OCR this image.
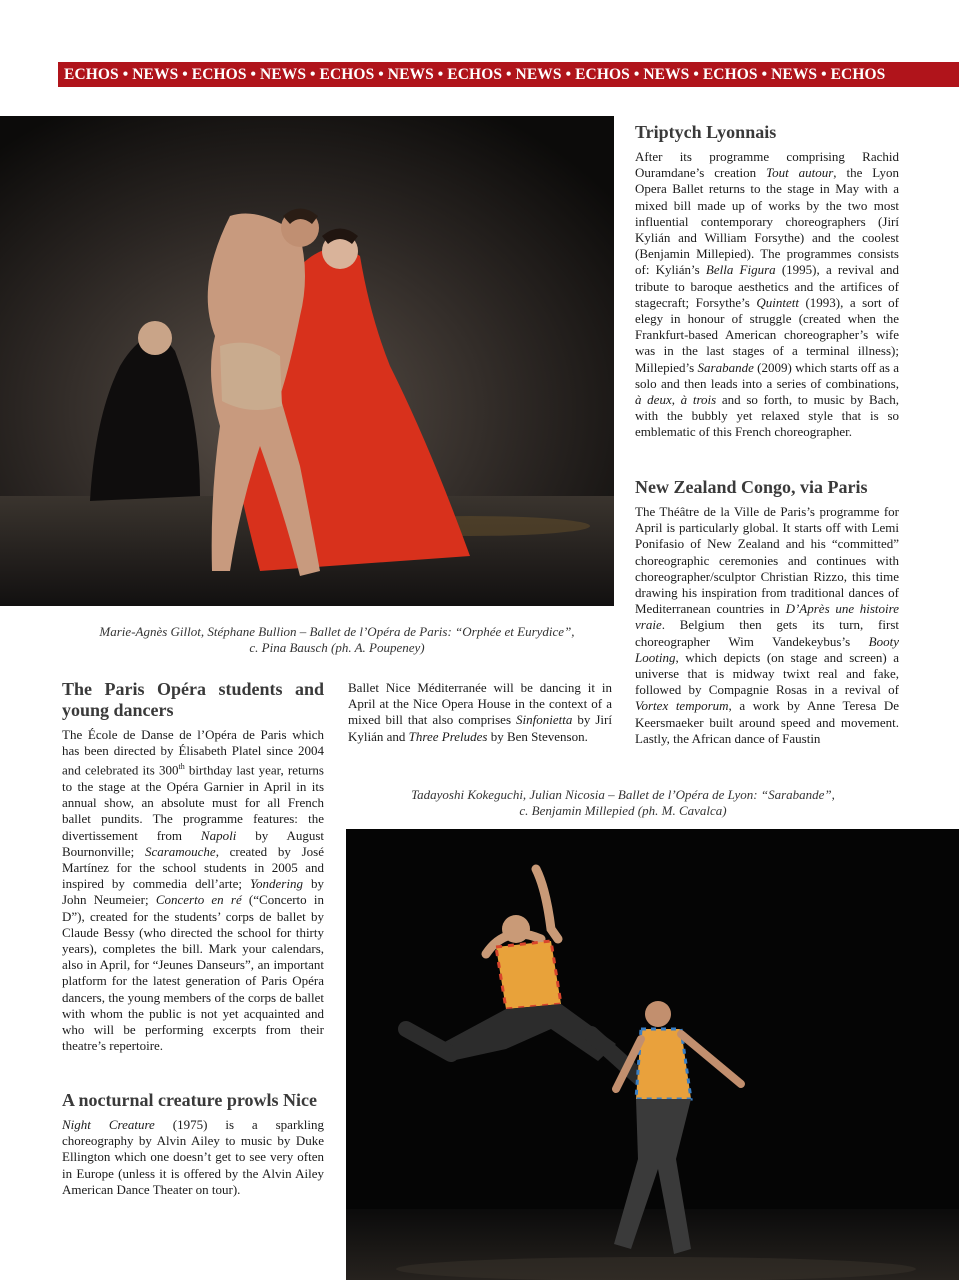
ECHOS • NEWS • ECHOS • NEWS • ECHOS • NEWS • ECHOS • NEWS • ECHOS • NEWS • ECHOS • NEWS • ECHOS
Marie-Agnès Gillot, Stéphane Bullion – Ballet de l’Opéra de Paris: “Orphée et Eurydice”,
c. Pina Bausch (ph. A. Poupeney)
Triptych Lyonnais

After its programme comprising Rachid Ouramdane’s creation Tout autour, the Lyon Opera Ballet returns to the stage in May with a mixed bill made up of works by the two most influential contemporary choreographers (Jirí Kylián and William Forsythe) and the coolest (Benjamin Millepied). The programmes consists of: Kylián’s Bella Figura (1995), a revival and tribute to baroque aesthetics and the artifices of stagecraft; Forsythe’s Quintett (1993), a sort of elegy in honour of struggle (created when the Frankfurt-based American choreographer’s wife was in the last stages of a terminal illness); Millepied’s Sarabande (2009) which starts off as a solo and then leads into a series of combinations, à deux, à trois and so forth, to music by Bach, with the bubbly yet relaxed style that is so emblematic of this French choreographer.

New Zealand Congo, via Paris

The Théâtre de la Ville de Paris’s programme for April is particularly global. It starts off with Lemi Ponifasio of New Zealand and his “committed” choreographic ceremonies and continues with choreographer/sculptor Christian Rizzo, this time drawing his inspiration from traditional dances of Mediterranean countries in D’Après une histoire vraie. Belgium then gets its turn, first choreographer Wim Vandekeybus’s Booty Looting, which depicts (on stage and screen) a universe that is midway twixt real and fake, followed by Compagnie Rosas in a revival of Vortex temporum, a work by Anne Teresa De Keersmaeker built around speed and movement. Lastly, the African dance of Faustin

The Paris Opéra students and young dancers

The École de Danse de l’Opéra de Paris which has been directed by Élisabeth Platel since 2004 and celebrated its 300th birthday last year, returns to the stage at the Opéra Garnier in April in its annual show, an absolute must for all French ballet pundits. The programme features: the divertissement from Napoli by August Bournonville; Scaramouche, created by José Martínez for the school students in 2005 and inspired by commedia dell’arte; Yondering by John Neumeier; Concerto en ré (“Concerto in D”), created for the students’ corps de ballet by Claude Bessy (who directed the school for thirty years), completes the bill. Mark your calendars, also in April, for “Jeunes Danseurs”, an important platform for the latest generation of Paris Opéra dancers, the young members of the corps de ballet with whom the public is not yet acquainted and who will be performing excerpts from their theatre’s repertoire.

A nocturnal creature prowls Nice

Night Creature (1975) is a sparkling choreography by Alvin Ailey to music by Duke Ellington which one doesn’t get to see very often in Europe (unless it is offered by the Alvin Ailey American Dance Theater on tour).

Ballet Nice Méditerranée will be dancing it in April at the Nice Opera House in the context of a mixed bill that also comprises Sinfonietta by Jirí Kylián and Three Preludes by Ben Stevenson.

Tadayoshi Kokeguchi, Julian Nicosia – Ballet de l’Opéra de Lyon: “Sarabande”,
c. Benjamin Millepied (ph. M. Cavalca)
